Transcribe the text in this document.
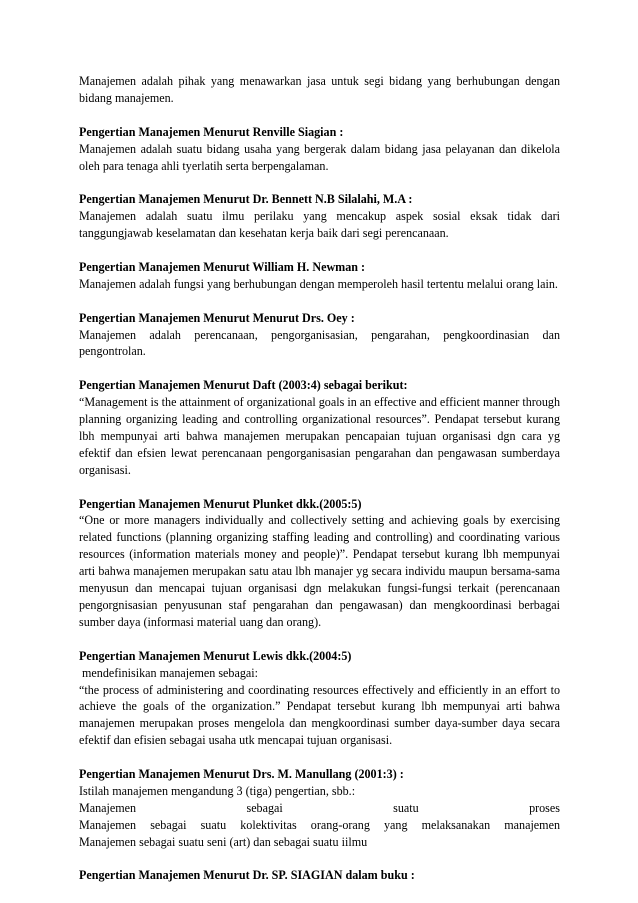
Manajemen adalah pihak yang menawarkan jasa untuk segi bidang yang berhubungan dengan bidang manajemen.

Pengertian Manajemen Menurut Renville Siagian :

Manajemen adalah suatu bidang usaha yang bergerak dalam bidang jasa pelayanan dan dikelola oleh para tenaga ahli tyerlatih serta berpengalaman.

Pengertian Manajemen Menurut Dr. Bennett N.B Silalahi, M.A :

Manajemen adalah suatu ilmu perilaku yang mencakup aspek sosial eksak tidak dari tanggungjawab keselamatan dan kesehatan kerja baik dari segi perencanaan.

Pengertian Manajemen Menurut William H. Newman :

Manajemen adalah fungsi yang berhubungan dengan memperoleh hasil tertentu melalui orang lain.

Pengertian Manajemen Menurut Menurut Drs. Oey :

Manajemen adalah perencanaan, pengorganisasian, pengarahan, pengkoordinasian dan pengontrolan.

Pengertian Manajemen Menurut Daft (2003:4) sebagai berikut:

“Management is the attainment of organizational goals in an effective and efficient manner through planning organizing leading and controlling organizational resources”. Pendapat tersebut kurang lbh mempunyai arti bahwa manajemen merupakan pencapaian tujuan organisasi dgn cara yg efektif dan efsien lewat perencanaan pengorganisasian pengarahan dan pengawasan sumberdaya organisasi.

Pengertian Manajemen Menurut Plunket dkk.(2005:5)

“One or more managers individually and collectively setting and achieving goals by exercising related functions (planning organizing staffing leading and controlling) and coordinating various resources (information materials money and people)”. Pendapat tersebut kurang lbh mempunyai arti bahwa manajemen merupakan satu atau lbh manajer yg secara individu maupun bersama-sama menyusun dan mencapai tujuan organisasi dgn melakukan fungsi-fungsi terkait (perencanaan pengorgnisasian penyusunan staf pengarahan dan pengawasan) dan mengkoordinasi berbagai sumber daya (informasi material uang dan orang).

Pengertian Manajemen Menurut Lewis dkk.(2004:5)
mendefinisikan manajemen sebagai:

“the process of administering and coordinating resources effectively and efficiently in an effort to achieve the goals of the organization.” Pendapat tersebut kurang lbh mempunyai arti bahwa manajemen merupakan proses mengelola dan mengkoordinasi sumber daya-sumber daya secara efektif dan efisien sebagai usaha utk mencapai tujuan organisasi.

Pengertian Manajemen Menurut Drs. M. Manullang (2001:3) :
Istilah manajemen mengandung 3 (tiga) pengertian, sbb.:
Manajemen	sebagai	suatu	proses

Manajemen sebagai suatu kolektivitas orang-orang yang melaksanakan manajemen

Manajemen sebagai suatu seni (art) dan sebagai suatu iilmu

Pengertian Manajemen Menurut Dr. SP. SIAGIAN dalam buku :
